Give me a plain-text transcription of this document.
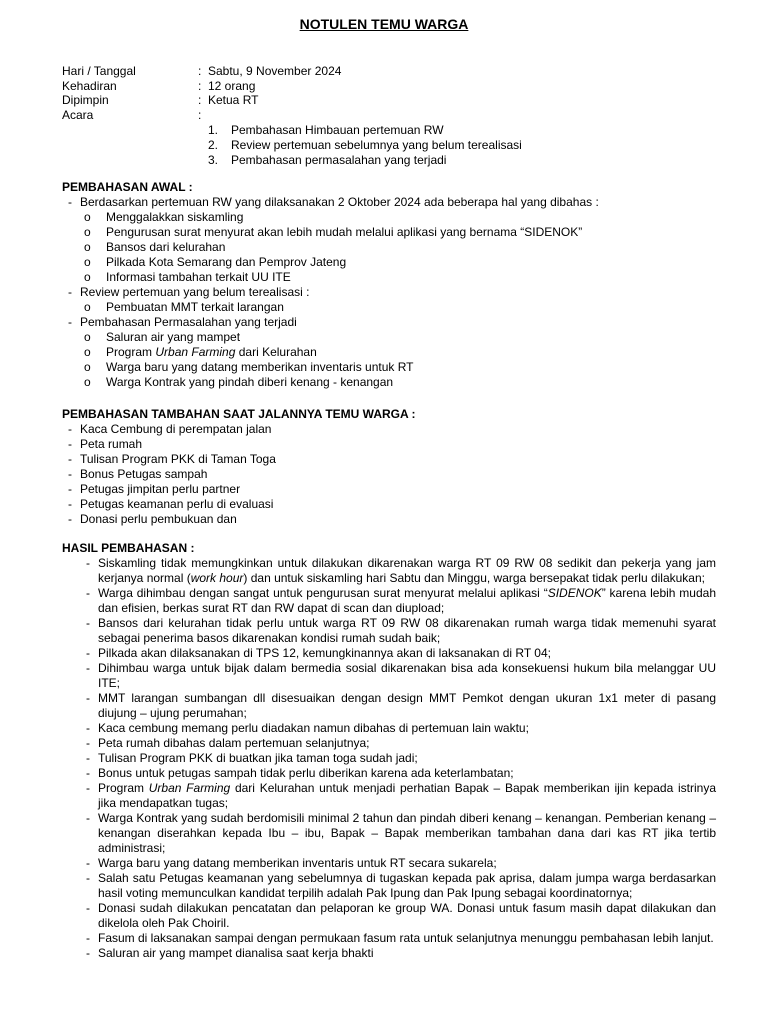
NOTULEN TEMU WARGA
Hari / Tanggal	: Sabtu, 9 November 2024
Kehadiran	: 12 orang
Dipimpin	: Ketua RT
Acara	:
1. Pembahasan Himbauan pertemuan RW
2. Review pertemuan sebelumnya yang belum terealisasi
3. Pembahasan permasalahan yang terjadi
PEMBAHASAN AWAL :
- Berdasarkan pertemuan RW yang dilaksanakan 2 Oktober 2024 ada beberapa hal yang dibahas :
o Menggalakkan siskamling
o Pengurusan surat menyurat akan lebih mudah melalui aplikasi yang bernama “SIDENOK”
o Bansos dari kelurahan
o Pilkada Kota Semarang dan Pemprov Jateng
o Informasi tambahan terkait UU ITE
- Review pertemuan yang belum terealisasi :
o Pembuatan MMT terkait larangan
- Pembahasan Permasalahan yang terjadi
o Saluran air yang mampet
o Program Urban Farming dari Kelurahan
o Warga baru yang datang memberikan inventaris untuk RT
o Warga Kontrak yang pindah diberi kenang - kenangan
PEMBAHASAN TAMBAHAN SAAT JALANNYA TEMU WARGA :
- Kaca Cembung di perempatan jalan
- Peta rumah
- Tulisan Program PKK di Taman Toga
- Bonus Petugas sampah
- Petugas jimpitan perlu partner
- Petugas keamanan perlu di evaluasi
- Donasi perlu pembukuan dan
HASIL PEMBAHASAN :
- Siskamling tidak memungkinkan untuk dilakukan dikarenakan warga RT 09 RW 08 sedikit dan pekerja yang jam kerjanya normal (work hour) dan untuk siskamling hari Sabtu dan Minggu, warga bersepakat tidak perlu dilakukan;
- Warga dihimbau dengan sangat untuk pengurusan surat menyurat melalui aplikasi “SIDENOK” karena lebih mudah dan efisien, berkas surat RT dan RW dapat di scan dan diupload;
- Bansos dari kelurahan tidak perlu untuk warga RT 09 RW 08 dikarenakan rumah warga tidak memenuhi syarat sebagai penerima basos dikarenakan kondisi rumah sudah baik;
- Pilkada akan dilaksanakan di TPS 12, kemungkinannya akan di laksanakan di RT 04;
- Dihimbau warga untuk bijak dalam bermedia sosial dikarenakan bisa ada konsekuensi hukum bila melanggar UU ITE;
- MMT larangan sumbangan dll disesuaikan dengan design MMT Pemkot dengan ukuran 1x1 meter di pasang diujung – ujung perumahan;
- Kaca cembung memang perlu diadakan namun dibahas di pertemuan lain waktu;
- Peta rumah dibahas dalam pertemuan selanjutnya;
- Tulisan Program PKK di buatkan jika taman toga sudah jadi;
- Bonus untuk petugas sampah tidak perlu diberikan karena ada keterlambatan;
- Program Urban Farming dari Kelurahan untuk menjadi perhatian Bapak – Bapak memberikan ijin kepada istrinya jika mendapatkan tugas;
- Warga Kontrak yang sudah berdomisili minimal 2 tahun dan pindah diberi kenang – kenangan. Pemberian kenang – kenangan diserahkan kepada Ibu – ibu, Bapak – Bapak memberikan tambahan dana dari kas RT jika tertib administrasi;
- Warga baru yang datang memberikan inventaris untuk RT secara sukarela;
- Salah satu Petugas keamanan yang sebelumnya di tugaskan kepada pak aprisa, dalam jumpa warga berdasarkan hasil voting memunculkan kandidat terpilih adalah Pak Ipung dan Pak Ipung sebagai koordinatornya;
- Donasi sudah dilakukan pencatatan dan pelaporan ke group WA. Donasi untuk fasum masih dapat dilakukan dan dikelola oleh Pak Choiril.
- Fasum di laksanakan sampai dengan permukaan fasum rata untuk selanjutnya menunggu pembahasan lebih lanjut.
- Saluran air yang mampet dianalisa saat kerja bhakti
